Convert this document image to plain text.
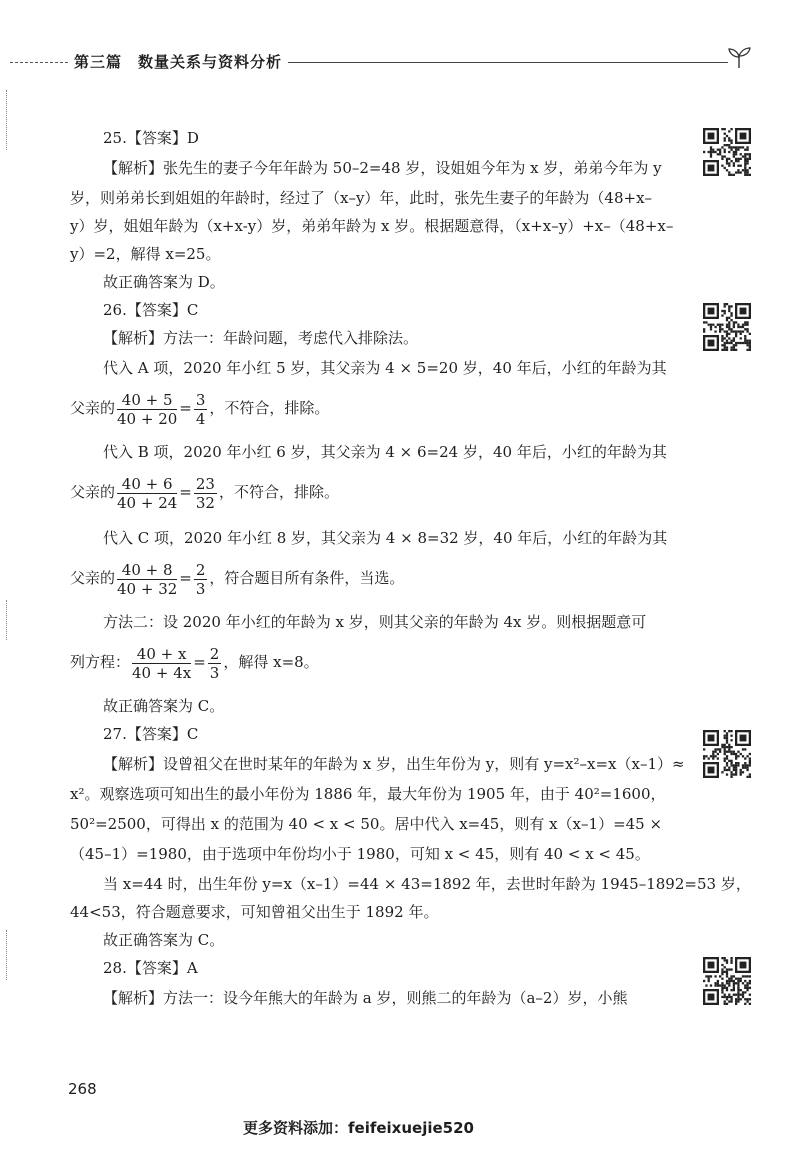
第三篇　数量关系与资料分析
25.【答案】D
【解析】张先生的妻子今年年龄为 50–2=48 岁，设姐姐今年为 x 岁，弟弟今年为 y
岁，则弟弟长到姐姐的年龄时，经过了（x–y）年，此时，张先生妻子的年龄为（48+x–
y）岁，姐姐年龄为（x+x-y）岁，弟弟年龄为 x 岁。根据题意得，（x+x–y）+x–（48+x–
y）=2，解得 x=25。
故正确答案为 D。
26.【答案】C
【解析】方法一：年龄问题，考虑代入排除法。
代入 A 项，2020 年小红 5 岁，其父亲为 4 × 5=20 岁，40 年后，小红的年龄为其
父亲的 $\frac{40 + 5}{40 + 20} = \frac{3}{4}$ ，不符合，排除。
代入 B 项，2020 年小红 6 岁，其父亲为 4 × 6=24 岁，40 年后，小红的年龄为其
父亲的 $\frac{40 + 6}{40 + 24} = \frac{23}{32}$ ，不符合，排除。
代入 C 项，2020 年小红 8 岁，其父亲为 4 × 8=32 岁，40 年后，小红的年龄为其
父亲的 $\frac{40 + 8}{40 + 32} = \frac{2}{3}$ ，符合题目所有条件，当选。
方法二：设 2020 年小红的年龄为 x 岁，则其父亲的年龄为 4x 岁。则根据题意可
列方程： $\frac{40 + x}{40 + 4x} = \frac{2}{3}$ ，解得 x=8。
故正确答案为 C。
27.【答案】C
【解析】设曾祖父在世时某年的年龄为 x 岁，出生年份为 y，则有 y=x²–x=x（x–1）≈
x²。观察选项可知出生的最小年份为 1886 年，最大年份为 1905 年，由于 40²=1600，
50²=2500，可得出 x 的范围为 40 < x < 50。居中代入 x=45，则有 x（x–1）=45 ×
（45–1）=1980，由于选项中年份均小于 1980，可知 x < 45，则有 40 < x < 45。
当 x=44 时，出生年份 y=x（x–1）=44 × 43=1892 年，去世时年龄为 1945–1892=53 岁，
44<53，符合题意要求，可知曾祖父出生于 1892 年。
故正确答案为 C。
28.【答案】A
【解析】方法一：设今年熊大的年龄为 a 岁，则熊二的年龄为（a–2）岁，小熊
268
更多资料添加：feifeixuejie520
